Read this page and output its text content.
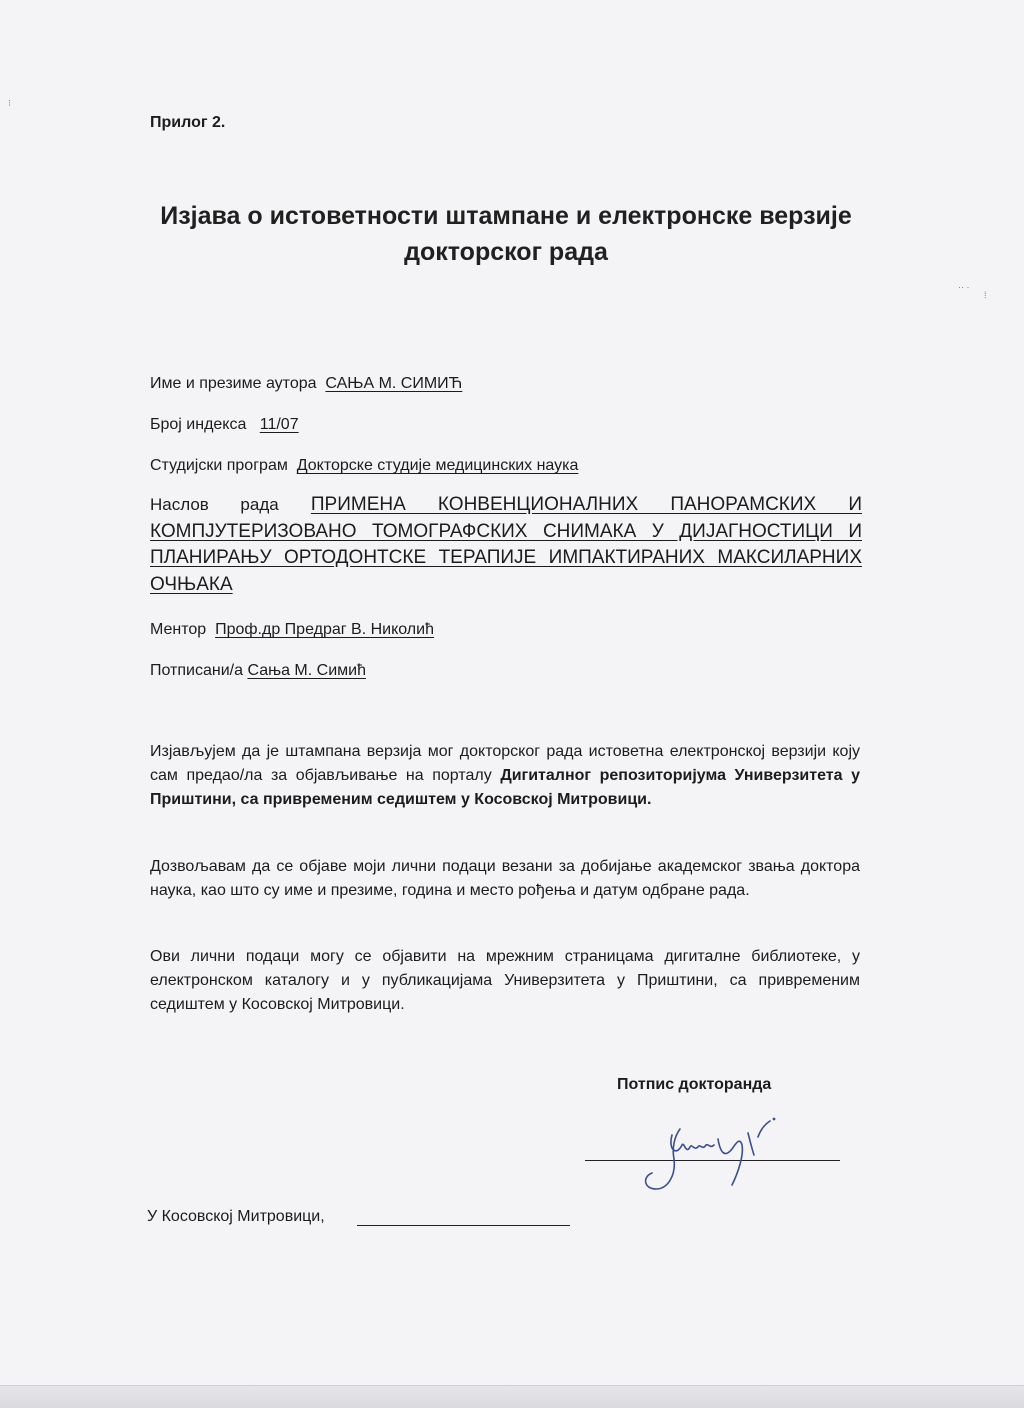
⁝
·· ·
⁞

Прилог 2.

Изјава о истоветности штампане и електронске верзије докторског рада

Име и презиме аутора САЊА М. СИМИЋ

Број индекса 11/07

Студијски програм Докторске студије медицинских наука

Наслов рада ПРИМЕНА КОНВЕНЦИОНАЛНИХ ПАНОРАМСКИХ И КОМПЈУТЕРИЗОВАНО ТОМОГРАФСКИХ СНИМАКА У ДИЈАГНОСТИЦИ И ПЛАНИРАЊУ ОРТОДОНТСКЕ ТЕРАПИЈЕ ИМПАКТИРАНИХ МАКСИЛАРНИХ ОЧЊАКА

Ментор Проф.др Предраг В. Николић

Потписани/а Сања М. Симић

Изјављујем да је штампана верзија мог докторског рада истоветна електронској верзији коју сам предао/ла за објављивање на порталу Дигиталног репозиторијума Универзитета у Приштини, са привременим седиштем у Косовској Митровици.

Дозвољавам да се објаве моји лични подаци везани за добијање академског звања доктора наука, као што су име и презиме, година и место рођења и датум одбране рада.

Ови лични подаци могу се објавити на мрежним страницама дигиталне библиотеке, у електронском каталогу и у публикацијама Универзитета у Приштини, са привременим седиштем у Косовској Митровици.

Потпис докторанда

У Косовској Митровици,
